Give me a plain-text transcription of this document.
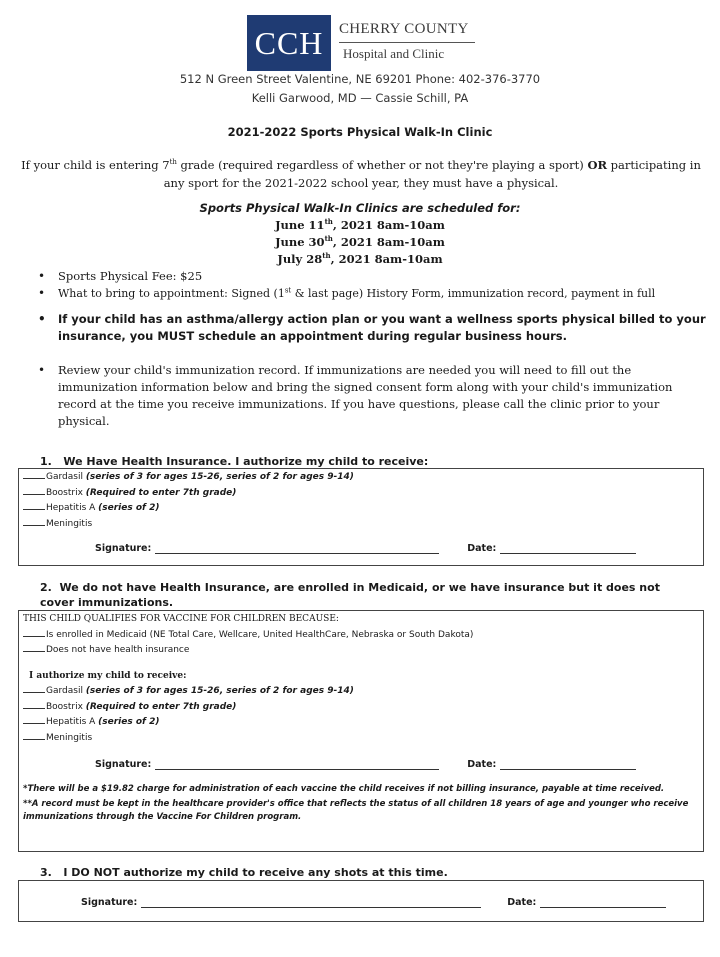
CCH	CHERRY COUNTY
Hospital and Clinic
512 N Green Street Valentine, NE 69201 Phone: 402-376-3770
Kelli Garwood, MD — Cassie Schill, PA
2021-2022 Sports Physical Walk-In Clinic
If your child is entering 7th grade (required regardless of whether or not they're playing a sport) OR participating in any sport for the 2021-2022 school year, they must have a physical.
Sports Physical Walk-In Clinics are scheduled for:
June 11th, 2021 8am-10am
June 30th, 2021 8am-10am
July 28th, 2021 8am-10am
• Sports Physical Fee: $25
• What to bring to appointment: Signed (1st & last page) History Form, immunization record, payment in full
• If your child has an asthma/allergy action plan or you want a wellness sports physical billed to your insurance, you MUST schedule an appointment during regular business hours.
• Review your child's immunization record. If immunizations are needed you will need to fill out the immunization information below and bring the signed consent form along with your child's immunization record at the time you receive immunizations. If you have questions, please call the clinic prior to your physical.
1. We Have Health Insurance. I authorize my child to receive:
Gardasil (series of 3 for ages 15-26, series of 2 for ages 9-14)
Boostrix (Required to enter 7th grade)
Hepatitis A (series of 2)
Meningitis
Signature:	Date:
2. We do not have Health Insurance, are enrolled in Medicaid, or we have insurance but it does not cover immunizations.
THIS CHILD QUALIFIES FOR VACCINE FOR CHILDREN BECAUSE:
Is enrolled in Medicaid (NE Total Care, Wellcare, United HealthCare, Nebraska or South Dakota)
Does not have health insurance
I authorize my child to receive:
Gardasil (series of 3 for ages 15-26, series of 2 for ages 9-14)
Boostrix (Required to enter 7th grade)
Hepatitis A (series of 2)
Meningitis
Signature:	Date:
*There will be a $19.82 charge for administration of each vaccine the child receives if not billing insurance, payable at time received.
**A record must be kept in the healthcare provider's office that reflects the status of all children 18 years of age and younger who receive immunizations through the Vaccine For Children program.
3. I DO NOT authorize my child to receive any shots at this time.
Signature:	Date:
